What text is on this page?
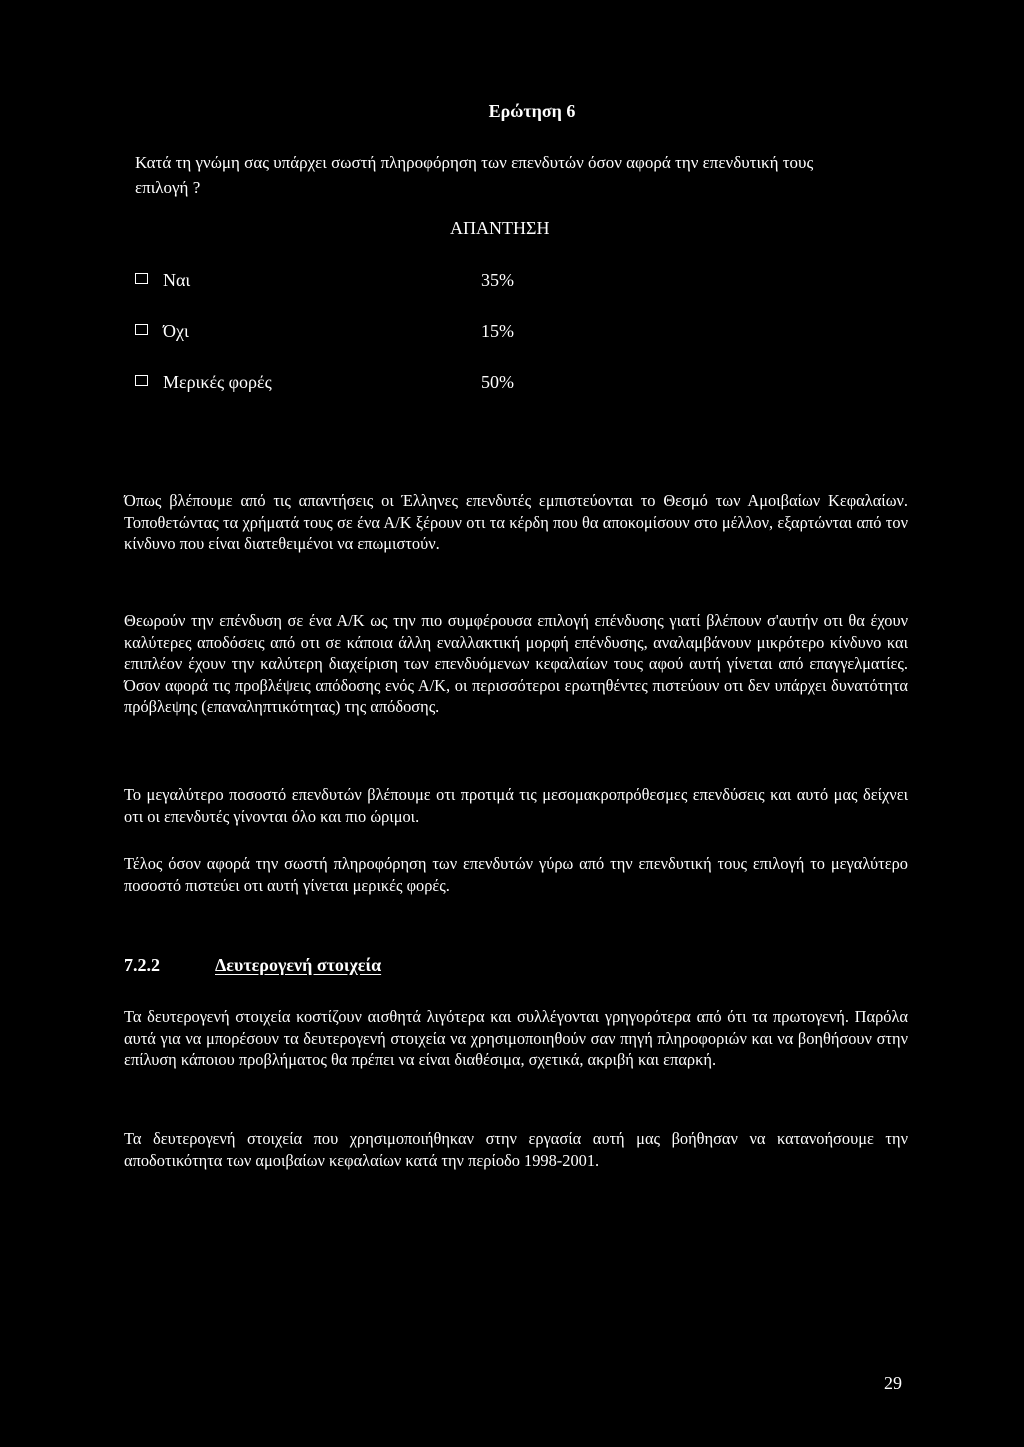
Ερώτηση 6
Κατά τη γνώμη σας υπάρχει σωστή πληροφόρηση των επενδυτών όσον αφορά την επενδυτική τους επιλογή ?
ΑΠΑΝΤΗΣΗ
Ναι	35%
Όχι	15%
Μερικές φορές	50%

Όπως βλέπουμε από τις απαντήσεις οι Έλληνες επενδυτές εμπιστεύονται το Θεσμό των Αμοιβαίων Κεφαλαίων. Τοποθετώντας τα χρήματά τους σε ένα Α/Κ ξέρουν οτι τα κέρδη που θα αποκομίσουν στο μέλλον, εξαρτώνται από τον κίνδυνο που είναι διατεθειμένοι να επωμιστούν.

Θεωρούν την επένδυση σε ένα Α/Κ ως την πιο συμφέρουσα επιλογή επένδυσης γιατί βλέπουν σ'αυτήν οτι θα έχουν καλύτερες αποδόσεις από οτι σε κάποια άλλη εναλλακτική μορφή επένδυσης, αναλαμβάνουν μικρότερο κίνδυνο και επιπλέον έχουν την καλύτερη διαχείριση των επενδυόμενων κεφαλαίων τους αφού αυτή γίνεται από επαγγελματίες. Όσον αφορά τις προβλέψεις απόδοσης ενός Α/Κ, οι περισσότεροι ερωτηθέντες πιστεύουν οτι δεν υπάρχει δυνατότητα πρόβλεψης (επαναληπτικότητας) της απόδοσης.

Το μεγαλύτερο ποσοστό επενδυτών βλέπουμε οτι προτιμά τις μεσομακροπρόθεσμες επενδύσεις και αυτό μας δείχνει οτι οι επενδυτές γίνονται όλο και πιο ώριμοι.

Τέλος όσον αφορά την σωστή πληροφόρηση των επενδυτών γύρω από την επενδυτική τους επιλογή το μεγαλύτερο ποσοστό πιστεύει οτι αυτή γίνεται μερικές φορές.

7.2.2	Δευτερογενή στοιχεία

Τα δευτερογενή στοιχεία κοστίζουν αισθητά λιγότερα και συλλέγονται γρηγορότερα από ότι τα πρωτογενή. Παρόλα αυτά για να μπορέσουν τα δευτερογενή στοιχεία να χρησιμοποιηθούν σαν πηγή πληροφοριών και να βοηθήσουν στην επίλυση κάποιου προβλήματος θα πρέπει να είναι διαθέσιμα, σχετικά, ακριβή και επαρκή.

Τα δευτερογενή στοιχεία που χρησιμοποιήθηκαν στην εργασία αυτή μας βοήθησαν να κατανοήσουμε την αποδοτικότητα των αμοιβαίων κεφαλαίων κατά την περίοδο 1998-2001.

29
